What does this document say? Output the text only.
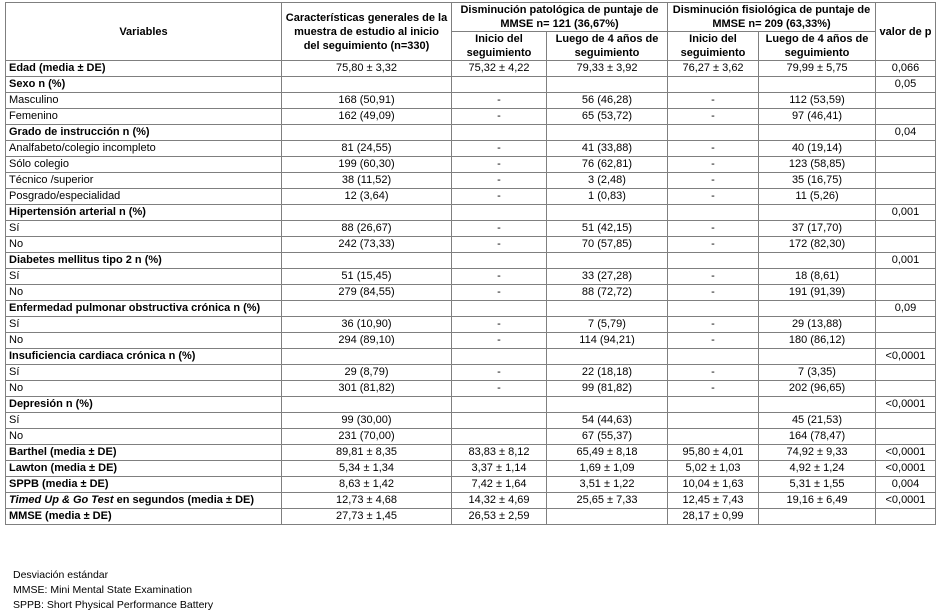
Variables	Características generales de la muestra de estudio al inicio del seguimiento (n=330)	Disminución patológica de puntaje de MMSE n= 121 (36,67%)		Disminución fisiológica de puntaje de MMSE n= 209 (63,33%)		valor de p
		Inicio del seguimiento	Luego de 4 años de seguimiento	Inicio del seguimiento	Luego de 4 años de seguimiento	
Edad (media ± DE)	75,80 ± 3,32	75,32 ± 4,22	79,33 ± 3,92	76,27 ± 3,62	79,99 ± 5,75	0,066
Sexo n (%)						0,05
Masculino	168 (50,91)	-	56 (46,28)	-	112 (53,59)	
Femenino	162 (49,09)	-	65 (53,72)	-	97 (46,41)	
Grado de instrucción n (%)						0,04
Analfabeto/colegio incompleto	81 (24,55)	-	41 (33,88)	-	40 (19,14)	
Sólo colegio	199 (60,30)	-	76 (62,81)	-	123 (58,85)	
Técnico /superior	38 (11,52)	-	3 (2,48)	-	35 (16,75)	
Posgrado/especialidad	12 (3,64)	-	1 (0,83)	-	11 (5,26)	
Hipertensión arterial n (%)						0,001
Sí	88 (26,67)	-	51 (42,15)	-	37 (17,70)	
No	242 (73,33)	-	70 (57,85)	-	172 (82,30)	
Diabetes mellitus tipo 2 n (%)						0,001
Sí	51 (15,45)	-	33 (27,28)	-	18 (8,61)	
No	279 (84,55)	-	88 (72,72)	-	191 (91,39)	
Enfermedad pulmonar obstructiva crónica n (%)						0,09
Sí	36 (10,90)	-	7 (5,79)	-	29 (13,88)	
No	294 (89,10)	-	114 (94,21)	-	180 (86,12)	
Insuficiencia cardiaca crónica n (%)						<0,0001
Sí	29 (8,79)	-	22 (18,18)	-	7 (3,35)	
No	301 (81,82)	-	99 (81,82)	-	202 (96,65)	
Depresión n (%)						<0,0001
Sí	99 (30,00)		54 (44,63)		45 (21,53)	
No	231 (70,00)		67 (55,37)		164 (78,47)	
Barthel (media ± DE)	89,81 ± 8,35	83,83 ± 8,12	65,49 ± 8,18	95,80 ± 4,01	74,92 ± 9,33	<0,0001
Lawton (media ± DE)	5,34 ± 1,34	3,37 ± 1,14	1,69 ± 1,09	5,02 ± 1,03	4,92 ± 1,24	<0,0001
SPPB (media ± DE)	8,63 ± 1,42	7,42 ± 1,64	3,51 ± 1,22	10,04 ± 1,63	5,31 ± 1,55	0,004
Timed Up & Go Test en segundos (media ± DE)	12,73 ± 4,68	14,32 ± 4,69	25,65 ± 7,33	12,45 ± 7,43	19,16 ± 6,49	<0,0001
MMSE (media ± DE)	27,73 ± 1,45	26,53 ± 2,59		28,17 ± 0,99		
Desviación estándar
MMSE: Mini Mental State Examination
SPPB: Short Physical Performance Battery
